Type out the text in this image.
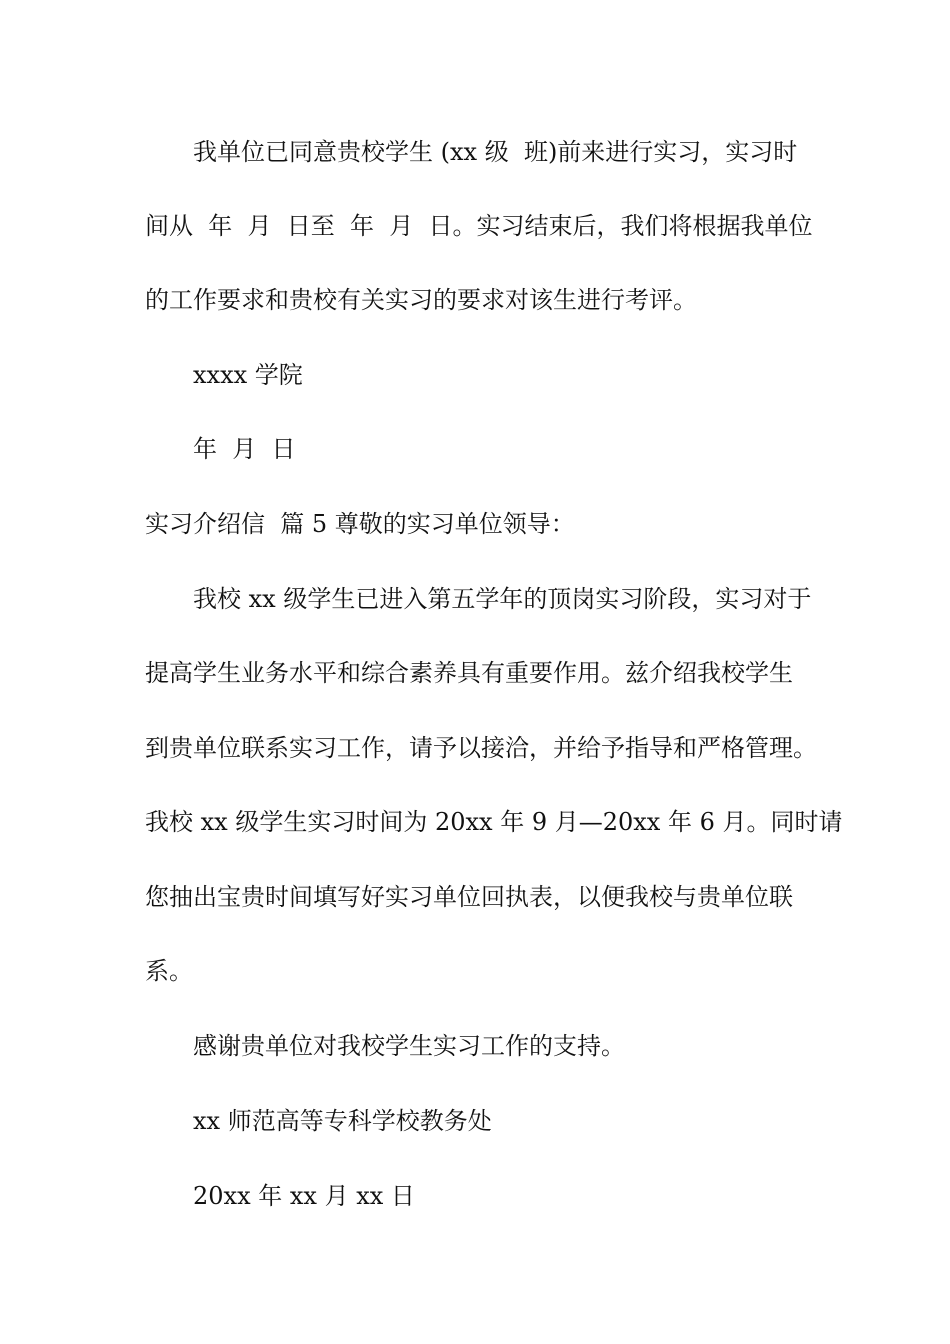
我单位已同意贵校学生 (xx 级  班)前来进行实习，实习时
间从  年  月  日至  年  月  日。实习结束后，我们将根据我单位
的工作要求和贵校有关实习的要求对该生进行考评。
xxxx 学院
年  月  日
实习介绍信  篇 5 尊敬的实习单位领导：
我校 xx 级学生已进入第五学年的顶岗实习阶段，实习对于
提高学生业务水平和综合素养具有重要作用。兹介绍我校学生
到贵单位联系实习工作，请予以接洽，并给予指导和严格管理。
我校 xx 级学生实习时间为 20xx 年 9 月—20xx 年 6 月。同时请
您抽出宝贵时间填写好实习单位回执表，以便我校与贵单位联
系。
感谢贵单位对我校学生实习工作的支持。
xx 师范高等专科学校教务处
20xx 年 xx 月 xx 日
